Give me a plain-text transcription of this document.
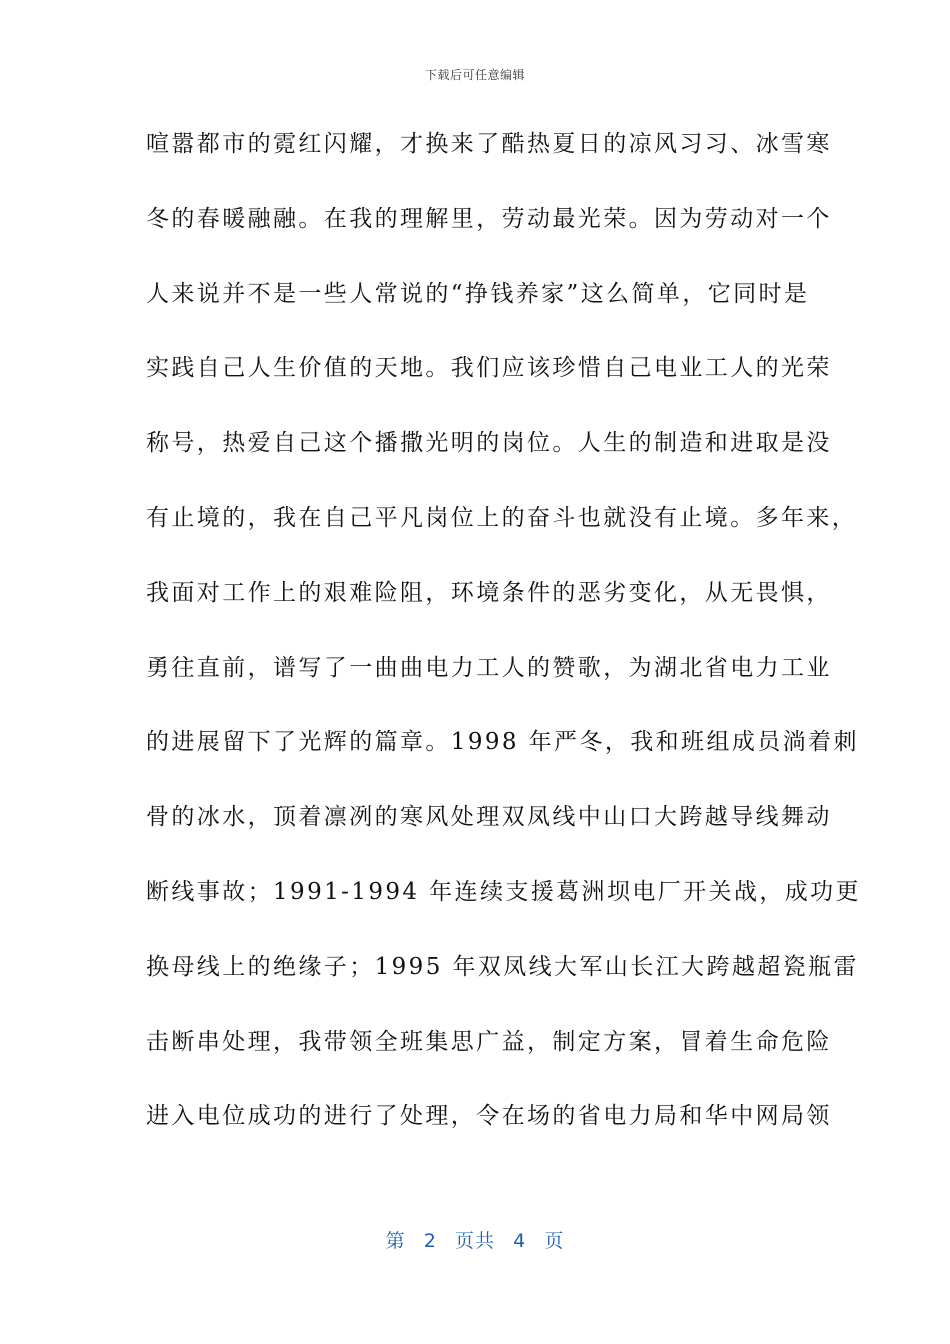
下载后可任意编辑
喧嚣都市的霓红闪耀，才换来了酷热夏日的凉风习习、冰雪寒
冬的春暖融融。在我的理解里，劳动最光荣。因为劳动对一个
人来说并不是一些人常说的“挣钱养家”这么简单，它同时是
实践自己人生价值的天地。我们应该珍惜自己电业工人的光荣
称号，热爱自己这个播撒光明的岗位。人生的制造和进取是没
有止境的，我在自己平凡岗位上的奋斗也就没有止境。多年来，
我面对工作上的艰难险阻，环境条件的恶劣变化，从无畏惧，
勇往直前，谱写了一曲曲电力工人的赞歌，为湖北省电力工业
的进展留下了光辉的篇章。1998 年严冬，我和班组成员淌着刺
骨的冰水，顶着凛冽的寒风处理双凤线中山口大跨越导线舞动
断线事故；1991-1994 年连续支援葛洲坝电厂开关战，成功更
换母线上的绝缘子；1995 年双凤线大军山长江大跨越超瓷瓶雷
击断串处理，我带领全班集思广益，制定方案，冒着生命危险
进入电位成功的进行了处理，令在场的省电力局和华中网局领
第 2 页共 4 页
